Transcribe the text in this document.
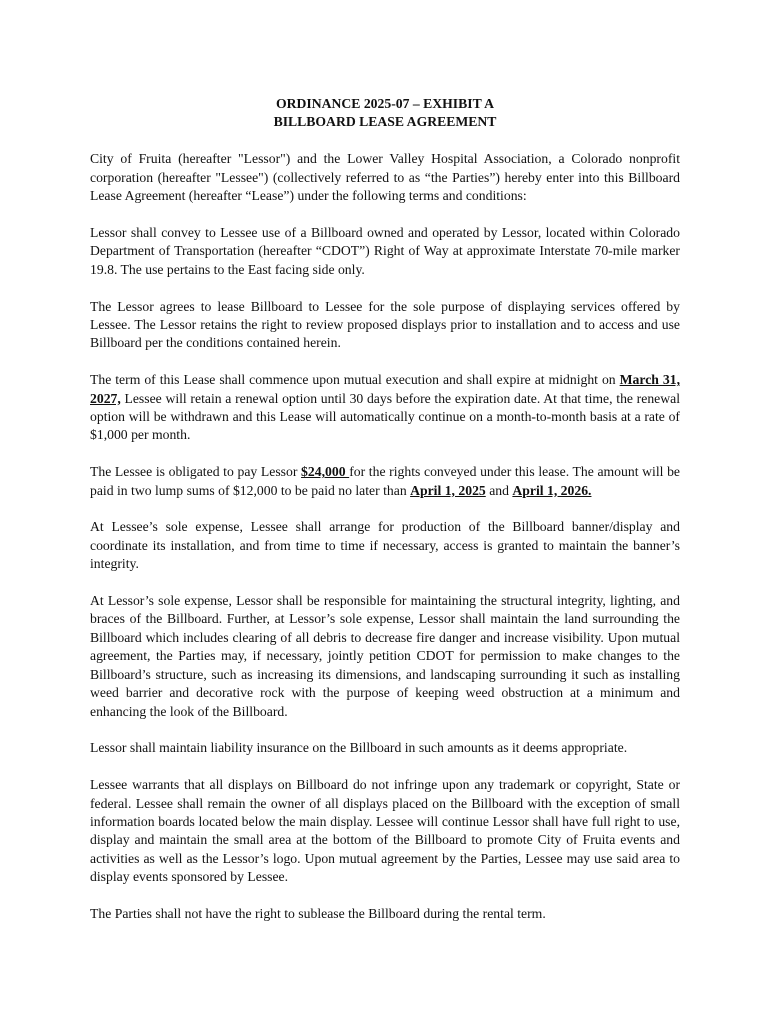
ORDINANCE 2025-07 – EXHIBIT A
BILLBOARD LEASE AGREEMENT

City of Fruita (hereafter "Lessor") and the Lower Valley Hospital Association, a Colorado nonprofit corporation (hereafter "Lessee") (collectively referred to as “the Parties”) hereby enter into this Billboard Lease Agreement (hereafter “Lease”) under the following terms and conditions:

Lessor shall convey to Lessee use of a Billboard owned and operated by Lessor, located within Colorado Department of Transportation (hereafter “CDOT”) Right of Way at approximate Interstate 70-mile marker 19.8. The use pertains to the East facing side only.

The Lessor agrees to lease Billboard to Lessee for the sole purpose of displaying services offered by Lessee. The Lessor retains the right to review proposed displays prior to installation and to access and use Billboard per the conditions contained herein.

The term of this Lease shall commence upon mutual execution and shall expire at midnight on March 31, 2027, Lessee will retain a renewal option until 30 days before the expiration date. At that time, the renewal option will be withdrawn and this Lease will automatically continue on a month-to-month basis at a rate of $1,000 per month.

The Lessee is obligated to pay Lessor $24,000 for the rights conveyed under this lease. The amount will be paid in two lump sums of $12,000 to be paid no later than April 1, 2025 and April 1, 2026.

At Lessee’s sole expense, Lessee shall arrange for production of the Billboard banner/display and coordinate its installation, and from time to time if necessary, access is granted to maintain the banner’s integrity.

At Lessor’s sole expense, Lessor shall be responsible for maintaining the structural integrity, lighting, and braces of the Billboard. Further, at Lessor’s sole expense, Lessor shall maintain the land surrounding the Billboard which includes clearing of all debris to decrease fire danger and increase visibility. Upon mutual agreement, the Parties may, if necessary, jointly petition CDOT for permission to make changes to the Billboard’s structure, such as increasing its dimensions, and landscaping surrounding it such as installing weed barrier and decorative rock with the purpose of keeping weed obstruction at a minimum and enhancing the look of the Billboard.

Lessor shall maintain liability insurance on the Billboard in such amounts as it deems appropriate.

Lessee warrants that all displays on Billboard do not infringe upon any trademark or copyright, State or federal. Lessee shall remain the owner of all displays placed on the Billboard with the exception of small information boards located below the main display. Lessee will continue Lessor shall have full right to use, display and maintain the small area at the bottom of the Billboard to promote City of Fruita events and activities as well as the Lessor’s logo. Upon mutual agreement by the Parties, Lessee may use said area to display events sponsored by Lessee.

The Parties shall not have the right to sublease the Billboard during the rental term.
